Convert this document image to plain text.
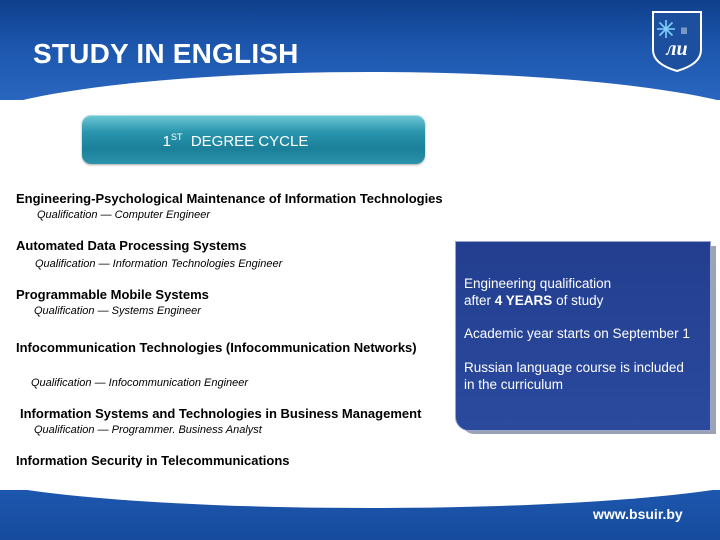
STUDY IN ENGLISH
lll
ли
1ST DEGREE CYCLE
Engineering-Psychological Maintenance of Information Technologies
Qualification — Computer Engineer
Automated Data Processing Systems
Qualification — Information Technologies Engineer
Programmable Mobile Systems
Qualification — Systems Engineer
Infocommunication Technologies (Infocommunication Networks)
Qualification — Infocommunication Engineer
Information Systems and Technologies in Business Management
Qualification — Programmer. Business Analyst
Information Security in Telecommunications
Engineering qualification
after 4 YEARS of study
Academic year starts on September 1
Russian language course is included
in the curriculum
www.bsuir.by
